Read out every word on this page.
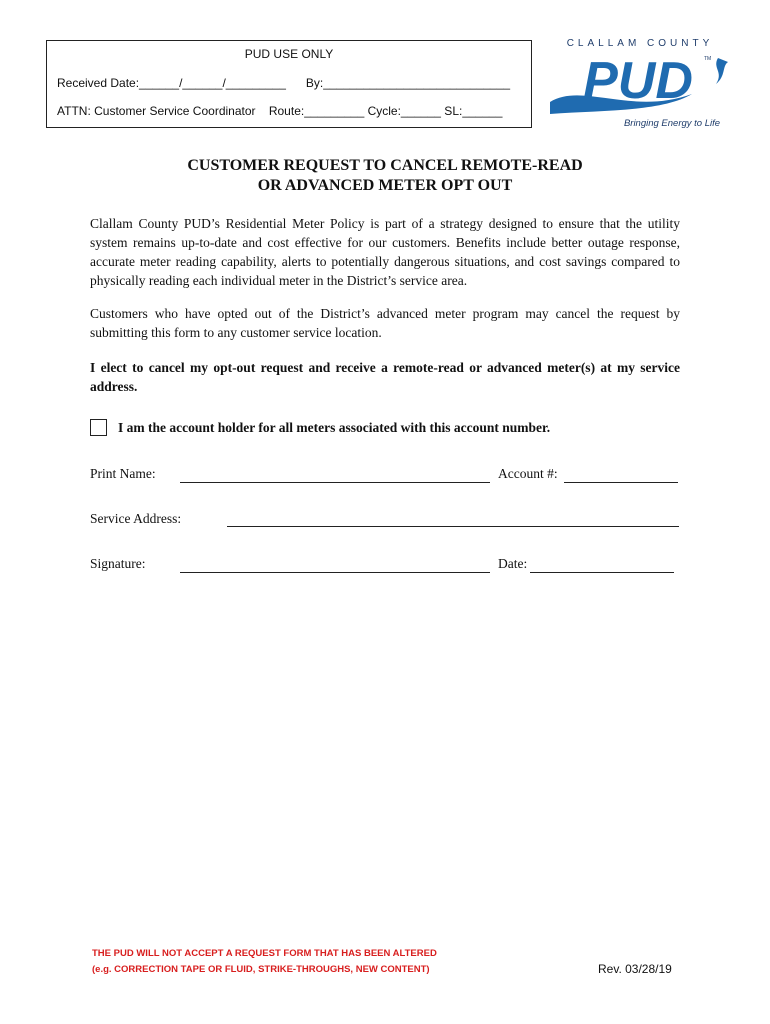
PUD USE ONLY
Received Date:______/______/_________      By:____________________________
ATTN: Customer Service Coordinator    Route:_________ Cycle:______ SL:______
CLALLAM COUNTY
PUD TM
Bringing Energy to Life
CUSTOMER REQUEST TO CANCEL REMOTE-READ
OR ADVANCED METER OPT OUT
Clallam County PUD’s Residential Meter Policy is part of a strategy designed to ensure that the utility system remains up-to-date and cost effective for our customers. Benefits include better outage response, accurate meter reading capability, alerts to potentially dangerous situations, and cost savings compared to physically reading each individual meter in the District’s service area.
Customers who have opted out of the District’s advanced meter program may cancel the request by submitting this form to any customer service location.
I elect to cancel my opt-out request and receive a remote-read or advanced meter(s) at my service address.
I am the account holder for all meters associated with this account number.
Print Name:	Account #:
Service Address:
Signature:	Date:
THE PUD WILL NOT ACCEPT A REQUEST FORM THAT HAS BEEN ALTERED
(e.g. CORRECTION TAPE OR FLUID, STRIKE-THROUGHS, NEW CONTENT)	Rev. 03/28/19
